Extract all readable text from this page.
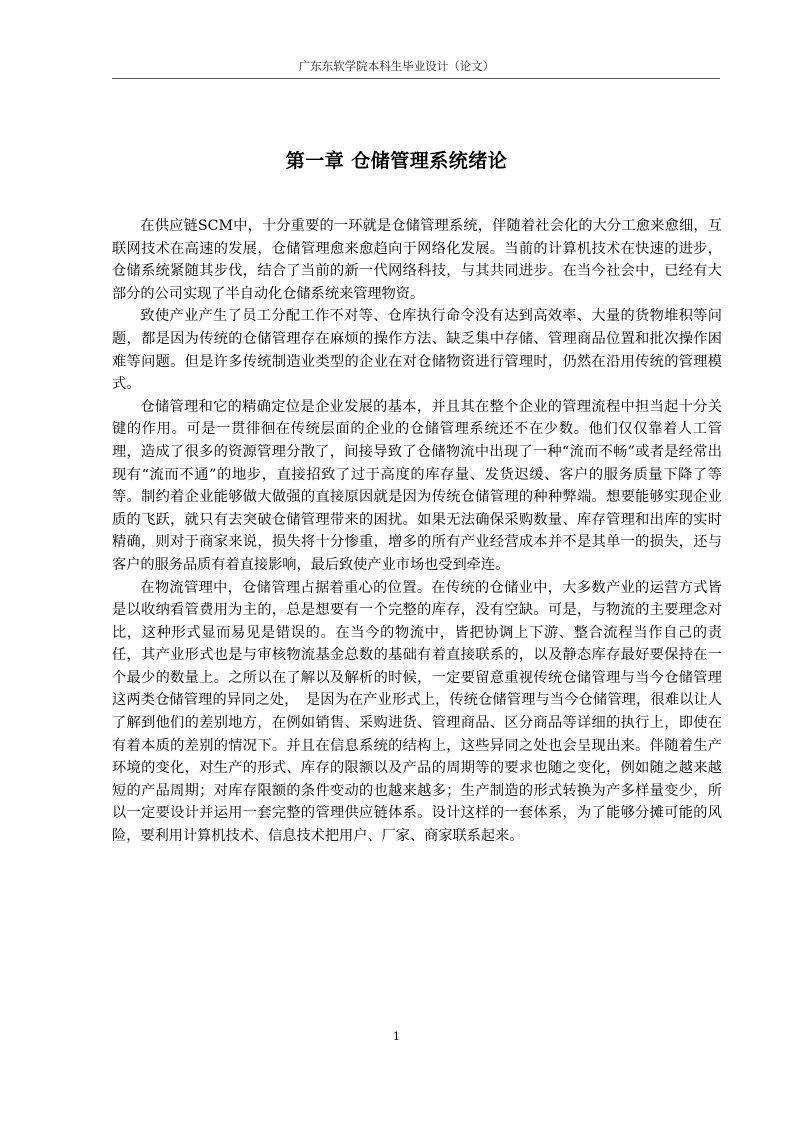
广东东软学院本科生毕业设计（论文）
第一章 仓储管理系统绪论

在供应链SCM中，十分重要的一环就是仓储管理系统，伴随着社会化的大分工愈来愈细，互联网技术在高速的发展，仓储管理愈来愈趋向于网络化发展。当前的计算机技术在快速的进步，仓储系统紧随其步伐，结合了当前的新一代网络科技，与其共同进步。在当今社会中，已经有大部分的公司实现了半自动化仓储系统来管理物资。

致使产业产生了员工分配工作不对等、仓库执行命令没有达到高效率、大量的货物堆积等问题，都是因为传统的仓储管理存在麻烦的操作方法、缺乏集中存储、管理商品位置和批次操作困难等问题。但是许多传统制造业类型的企业在对仓储物资进行管理时，仍然在沿用传统的管理模式。

仓储管理和它的精确定位是企业发展的基本，并且其在整个企业的管理流程中担当起十分关键的作用。可是一贯徘徊在传统层面的企业的仓储管理系统还不在少数。他们仅仅靠着人工管理，造成了很多的资源管理分散了，间接导致了仓储物流中出现了一种“流而不畅”或者是经常出现有“流而不通”的地步，直接招致了过于高度的库存量、发货迟缓、客户的服务质量下降了等等。制约着企业能够做大做强的直接原因就是因为传统仓储管理的种种弊端。想要能够实现企业质的飞跃，就只有去突破仓储管理带来的困扰。如果无法确保采购数量、库存管理和出库的实时精确，则对于商家来说，损失将十分惨重，增多的所有产业经营成本并不是其单一的损失，还与客户的服务品质有着直接影响，最后致使产业市场也受到牵连。

在物流管理中，仓储管理占据着重心的位置。在传统的仓储业中，大多数产业的运营方式皆是以收纳看管费用为主的，总是想要有一个完整的库存，没有空缺。可是，与物流的主要理念对比，这种形式显而易见是错误的。在当今的物流中，皆把协调上下游、整合流程当作自己的责任，其产业形式也是与审核物流基金总数的基础有着直接联系的，以及静态库存最好要保持在一个最少的数量上。之所以在了解以及解析的时候，一定要留意重视传统仓储管理与当今仓储管理这两类仓储管理的异同之处，　是因为在产业形式上，传统仓储管理与当今仓储管理，很难以让人了解到他们的差别地方，在例如销售、采购进货、管理商品、区分商品等详细的执行上，即使在有着本质的差别的情况下。并且在信息系统的结构上，这些异同之处也会呈现出来。伴随着生产环境的变化，对生产的形式、库存的限额以及产品的周期等的要求也随之变化，例如随之越来越短的产品周期；对库存限额的条件变动的也越来越多；生产制造的形式转换为产多样量变少，所以一定要设计并运用一套完整的管理供应链体系。设计这样的一套体系，为了能够分摊可能的风险，要利用计算机技术、信息技术把用户、厂家、商家联系起来。

1
